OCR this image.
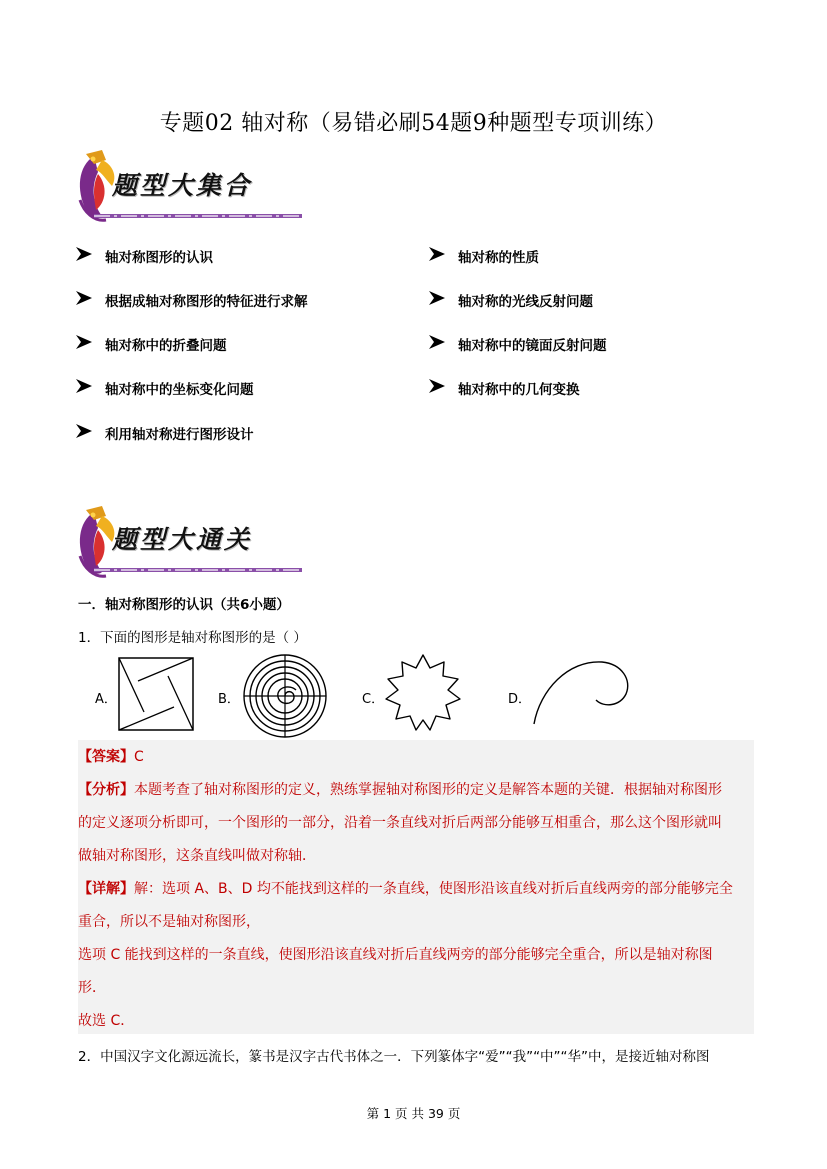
专题02 轴对称（易错必刷54题9种题型专项训练）
题型大集合
轴对称图形的认识	轴对称的性质
根据成轴对称图形的特征进行求解	轴对称的光线反射问题
轴对称中的折叠问题	轴对称中的镜面反射问题
轴对称中的坐标变化问题	轴对称中的几何变换
利用轴对称进行图形设计
题型大通关
一．轴对称图形的认识（共6小题）
1．下面的图形是轴对称图形的是（ ）
A．	B．	C．	D．
【答案】C
【分析】本题考查了轴对称图形的定义，熟练掌握轴对称图形的定义是解答本题的关键．根据轴对称图形
的定义逐项分析即可，一个图形的一部分，沿着一条直线对折后两部分能够互相重合，那么这个图形就叫
做轴对称图形，这条直线叫做对称轴．
【详解】解：选项 A、B、D 均不能找到这样的一条直线，使图形沿该直线对折后直线两旁的部分能够完全
重合，所以不是轴对称图形，
选项 C 能找到这样的一条直线，使图形沿该直线对折后直线两旁的部分能够完全重合，所以是轴对称图
形．
故选 C．
2．中国汉字文化源远流长，篆书是汉字古代书体之一．下列篆体字“爱”“我”“中”“华”中，是接近轴对称图
第 1 页 共 39 页
